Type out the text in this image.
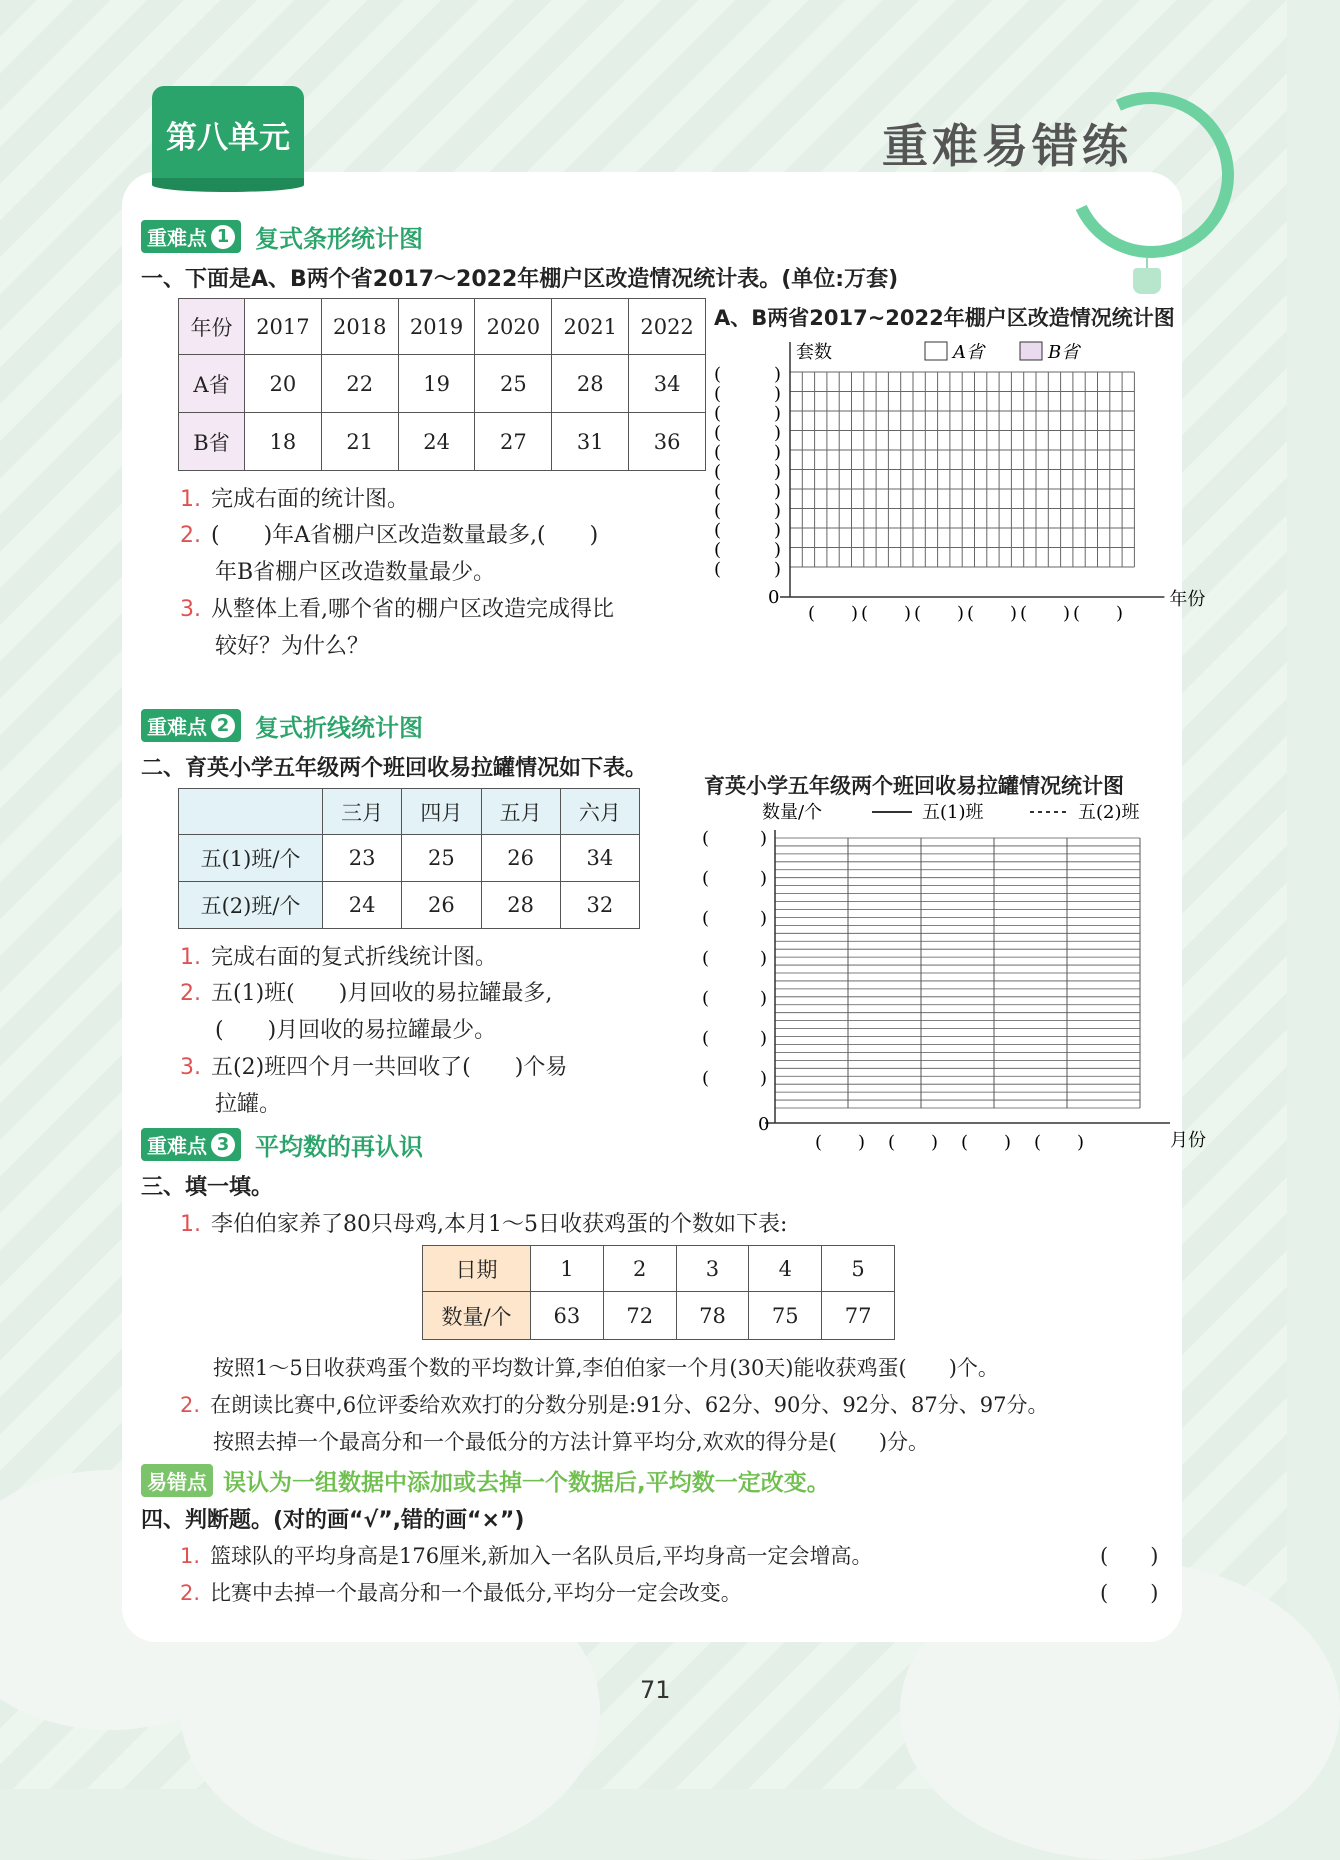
第八单元	重难易错练
重难点 1 复式条形统计图
一、下面是A、B两个省2017～2022年棚户区改造情况统计表。(单位:万套)
年份	2017	2018	2019	2020	2021	2022
A省	20	22	19	25	28	34
B省	18	21	24	27	31	36
1. 完成右面的统计图。
2. (　　)年A省棚户区改造数量最多,(　　)
年B省棚户区改造数量最少。
3. 从整体上看,哪个省的棚户区改造完成得比
较好？为什么？
A、B两省2017~2022年棚户区改造情况统计图
套数
0	年份
A省	B省
(	)
(	)
(	)
(	)
(	)
(	)
(	)
(	)
(	)
(	)
(	)
(　　) (　　) (　　) (　　) (　　) (　　)
重难点 2 复式折线统计图
二、育英小学五年级两个班回收易拉罐情况如下表。
	三月	四月	五月	六月
五(1)班/个	23	25	26	34
五(2)班/个	24	26	28	32
1. 完成右面的复式折线统计图。
2. 五(1)班(　　)月回收的易拉罐最多,
(　　)月回收的易拉罐最少。
3. 五(2)班四个月一共回收了(　　)个易
拉罐。
育英小学五年级两个班回收易拉罐情况统计图
数量/个
0
月份
五(1)班	五(2)班
(	)
(	)
(	)
(	)
(	)
(	)
(	)
(　　) (　　) (　　) (　　)
重难点 3 平均数的再认识
三、填一填。
1. 李伯伯家养了80只母鸡,本月1～5日收获鸡蛋的个数如下表:
日期	1	2	3	4	5
数量/个	63	72	78	75	77
按照1～5日收获鸡蛋个数的平均数计算,李伯伯家一个月(30天)能收获鸡蛋(　　)个。
2. 在朗读比赛中,6位评委给欢欢打的分数分别是:91分、62分、90分、92分、87分、97分。
按照去掉一个最高分和一个最低分的方法计算平均分,欢欢的得分是(　　)分。
易错点 误认为一组数据中添加或去掉一个数据后,平均数一定改变。
四、判断题。(对的画“√”,错的画“×”)
1. 篮球队的平均身高是176厘米,新加入一名队员后,平均身高一定会增高。	(　　)
2. 比赛中去掉一个最高分和一个最低分,平均分一定会改变。	(　　)
71
